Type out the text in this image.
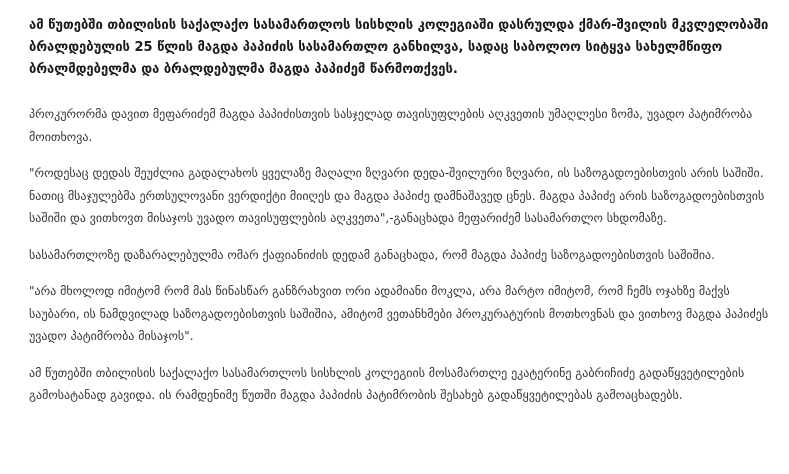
ამ წუთებში თბილისის საქალაქო სასამართლოს სისხლის კოლეგიაში დასრულდა ქმარ-შვილის მკვლელობაში ბრალდებულის 25 წლის მაგდა პაპიძის სასამართლო განხილვა, სადაც საბოლოო სიტყვა სახელმწიფო ბრალმდებელმა და ბრალდებულმა მაგდა პაპიძემ წარმოთქვეს.

პროკურორმა დავით მეფარიძემ მაგდა პაპიძისთვის სასჯელად თავისუფლების აღკვეთის უმაღლესი ზომა, უვადო პატიმრობა მოითხოვა.

"როდესაც დედას შეუძლია გადალახოს ყველაზე მაღალი ზღვარი დედა-შვილური ზღვარი, ის საზოგადოებისთვის არის საშიში. ნათიც მსაჯულებმა ერთსულოვანი ვერდიქტი მიიღეს და მაგდა პაპიძე დამნაშავედ ცნეს. მაგდა პაპიძე არის საზოგადოებისთვის საშიში და ვითხოვთ მისაჯოს უვადო თავისუფლების აღკვეთა",-განაცხადა მეფარიძემ სასამართლო სხდომაზე.

სასამართლოზე დაზარალებულმა ომარ ქაფიანიძის დედამ განაცხადა, რომ მაგდა პაპიძე საზოგადოებისთვის საშიშია.

"არა მხოლოდ იმიტომ რომ მას წინასწარ განზრახვით ორი ადამიანი მოკლა, არა მარტო იმიტომ, რომ ჩემს ოჯახზე მაქვს საუბარი, ის ნამდვილად საზოგადოებისთვის საშიშია, ამიტომ ვეთანხმები პროკურატურის მოთხოვნას და ვითხოვ მაგდა პაპიძეს უვადო პატიმრობა მისაჯოს".

ამ წუთებში თბილისის საქალაქო სასამართლოს სისხლის კოლეგიის მოსამართლე ეკატერინე გაბრიჩიძე გადაწყვეტილების გამოსატანად გავიდა. ის რამდენიმე წუთში მაგდა პაპიძის პატიმრობის შესახებ გადაწყვეტილებას გამოაცხადებს.
